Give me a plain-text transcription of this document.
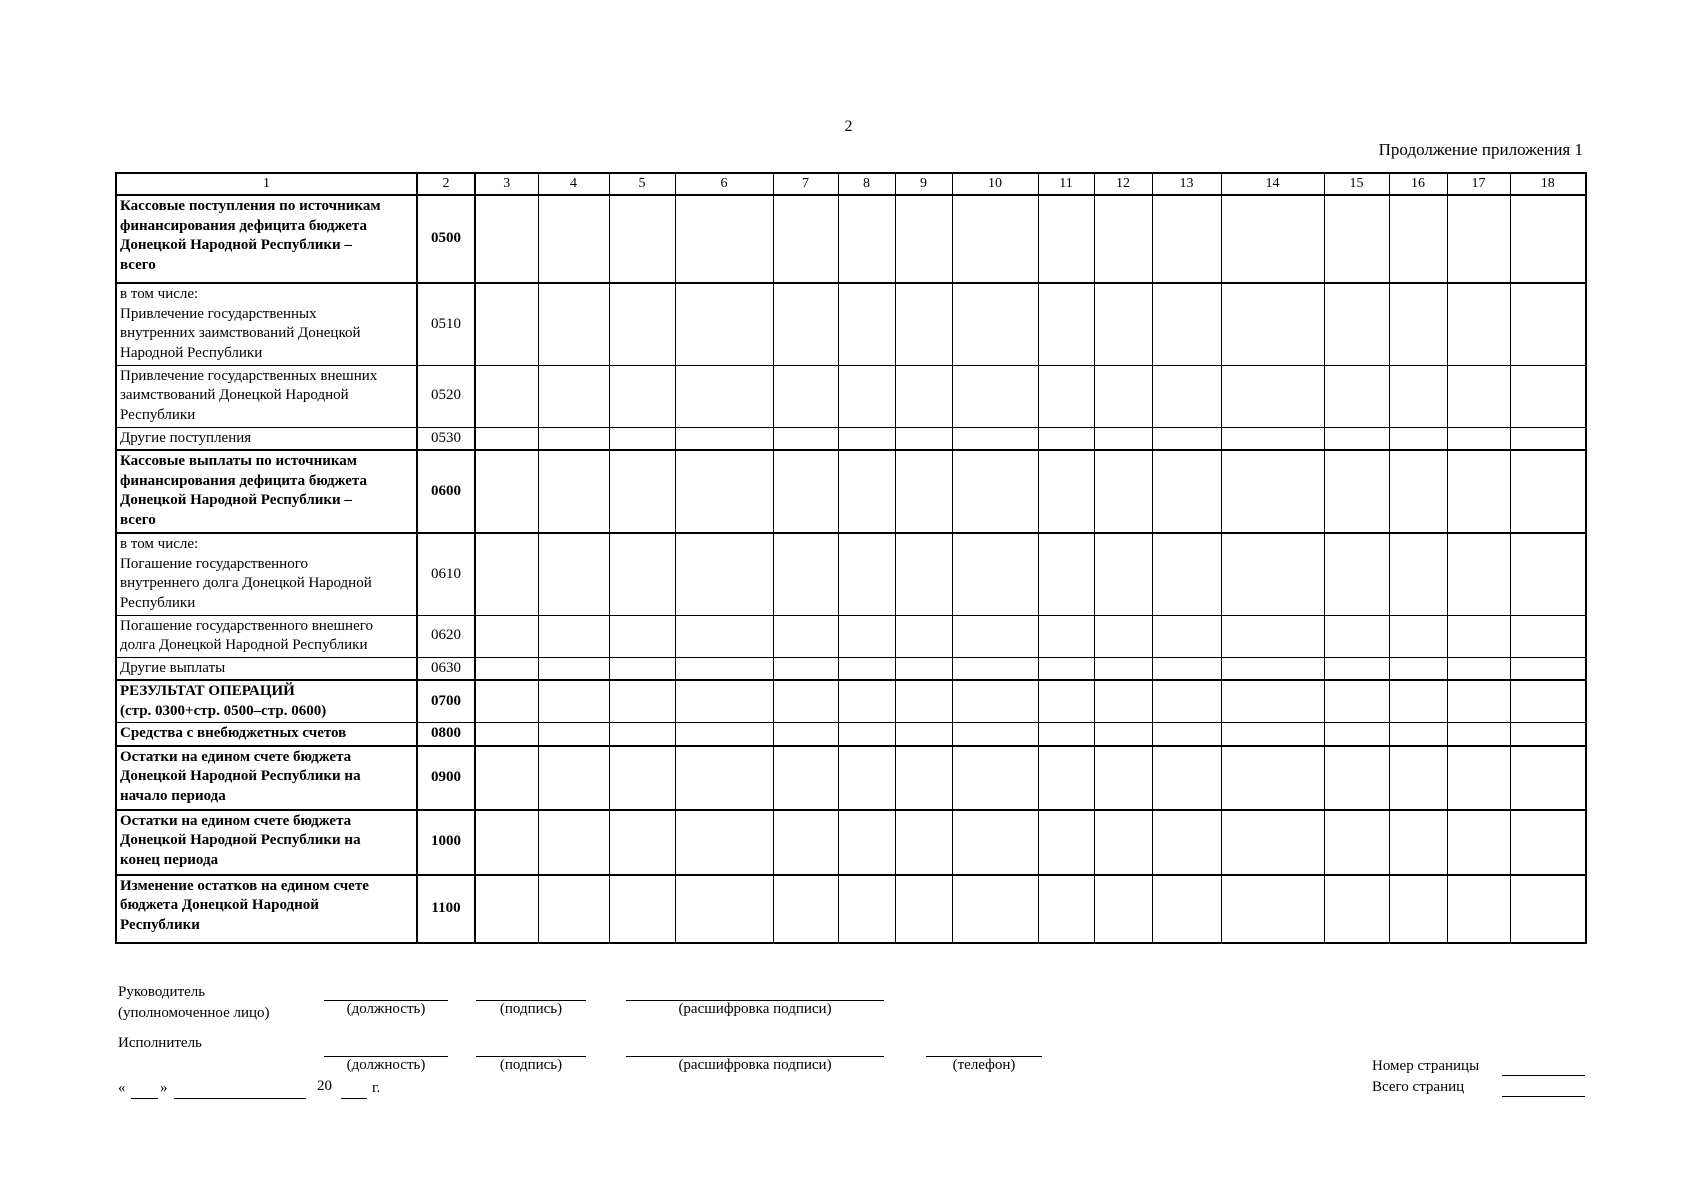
2
Продолжение приложения 1
1	2	3	4	5	6	7	8	9	10	11	12	13	14	15	16	17	18

Кассовые поступления по источникам
финансирования дефицита бюджета
Донецкой Народной Республики –
всего	0500																

в том числе:
Привлечение государственных
внутренних заимствований Донецкой
Народной Республики	0510																

Привлечение государственных внешних
заимствований Донецкой Народной
Республики	0520																

Другие поступления	0530																

Кассовые выплаты по источникам
финансирования дефицита бюджета
Донецкой Народной Республики –
всего	0600																

в том числе:
Погашение государственного
внутреннего долга Донецкой Народной
Республики	0610																

Погашение государственного внешнего
долга Донецкой Народной Республики	0620																

Другие выплаты	0630																

РЕЗУЛЬТАТ ОПЕРАЦИЙ
(стр. 0300+стр. 0500–стр. 0600)	0700																

Средства с внебюджетных счетов	0800																

Остатки на едином счете бюджета
Донецкой Народной Республики на
начало периода	0900																

Остатки на едином счете бюджета
Донецкой Народной Республики на
конец периода	1000																

Изменение остатков на едином счете
бюджета Донецкой Народной
Республики	1100																
Руководитель
(уполномоченное лицо)	(должность)	(подпись)	(расшифровка подписи)
Исполнитель
(должность)	(подпись)	(расшифровка подписи)	(телефон)
« »	20	г.
Номер страницы
Всего страниц
